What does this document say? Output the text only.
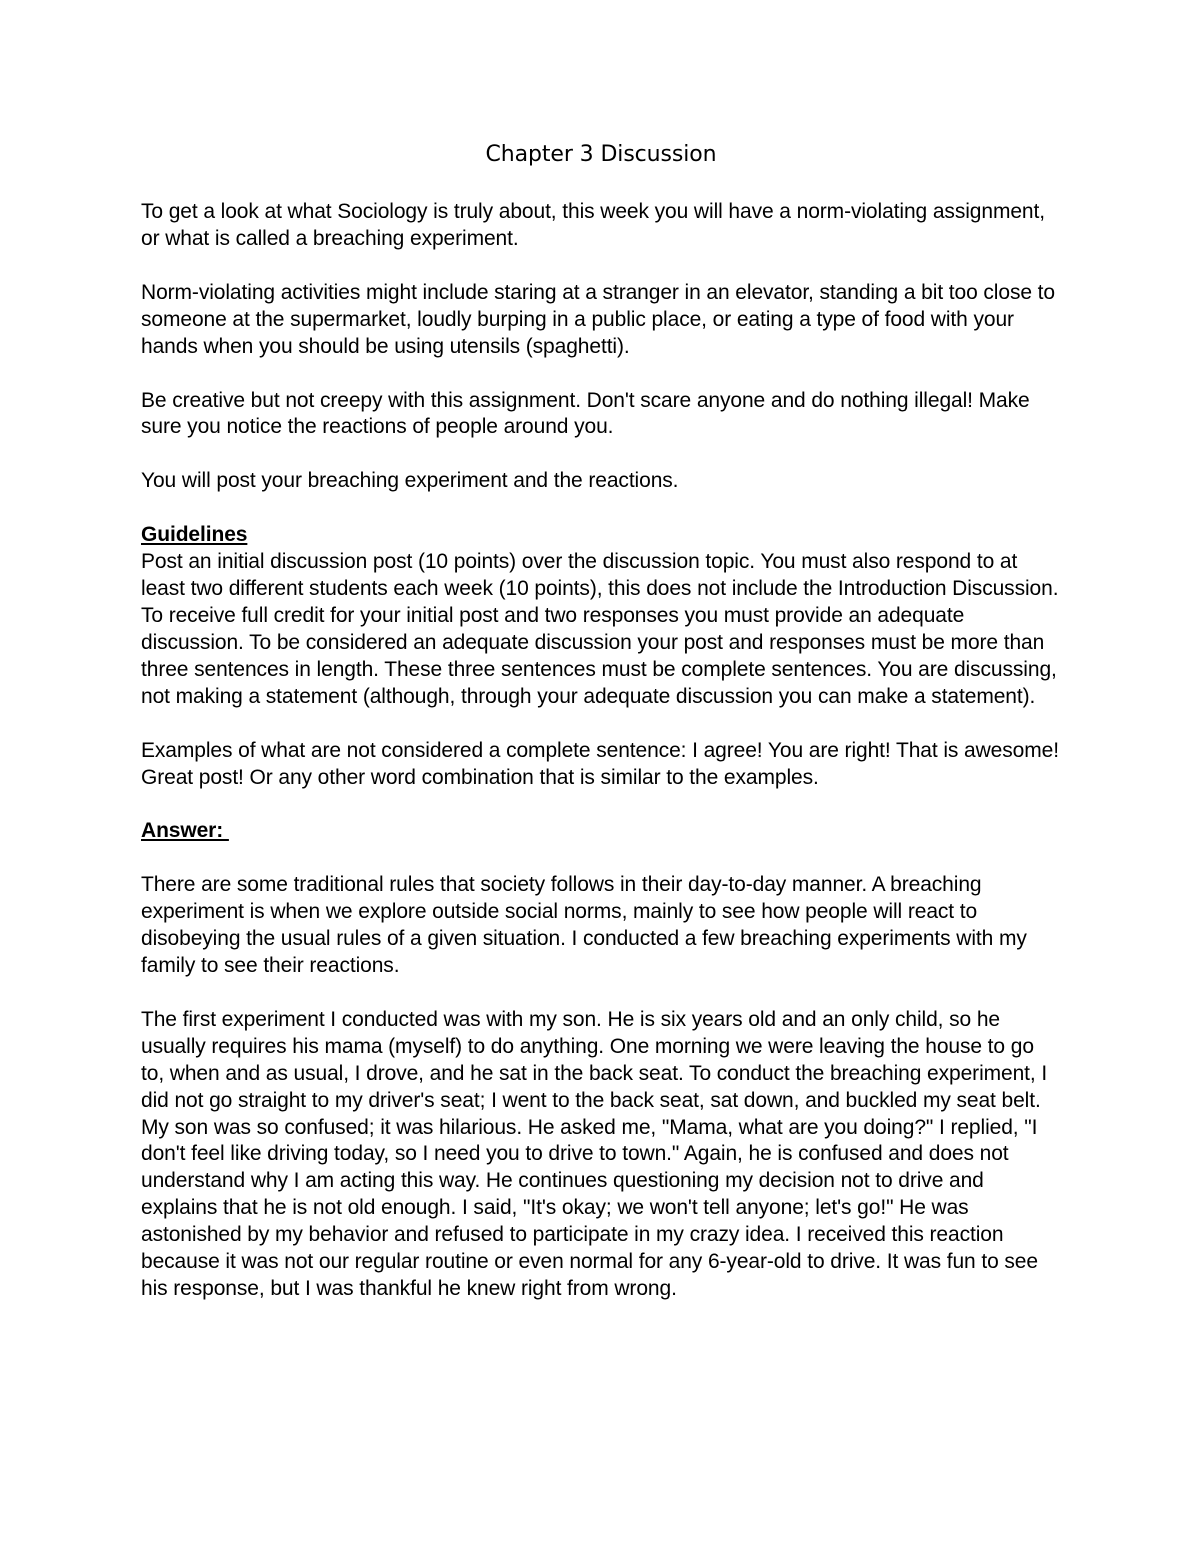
Chapter 3 Discussion

To get a look at what Sociology is truly about, this week you will have a norm-violating assignment, or what is called a breaching experiment.

Norm-violating activities might include staring at a stranger in an elevator, standing a bit too close to someone at the supermarket, loudly burping in a public place, or eating a type of food with your hands when you should be using utensils (spaghetti).

Be creative but not creepy with this assignment. Don't scare anyone and do nothing illegal! Make sure you notice the reactions of people around you.

You will post your breaching experiment and the reactions.

Guidelines

Post an initial discussion post (10 points) over the discussion topic. You must also respond to at least two different students each week (10 points), this does not include the Introduction Discussion. To receive full credit for your initial post and two responses you must provide an adequate discussion. To be considered an adequate discussion your post and responses must be more than three sentences in length. These three sentences must be complete sentences. You are discussing, not making a statement (although, through your adequate discussion you can make a statement).

Examples of what are not considered a complete sentence: I agree! You are right! That is awesome! Great post! Or any other word combination that is similar to the examples.

Answer:

There are some traditional rules that society follows in their day-to-day manner. A breaching experiment is when we explore outside social norms, mainly to see how people will react to disobeying the usual rules of a given situation. I conducted a few breaching experiments with my family to see their reactions.

The first experiment I conducted was with my son. He is six years old and an only child, so he usually requires his mama (myself) to do anything. One morning we were leaving the house to go to, when and as usual, I drove, and he sat in the back seat. To conduct the breaching experiment, I did not go straight to my driver's seat; I went to the back seat, sat down, and buckled my seat belt. My son was so confused; it was hilarious. He asked me, "Mama, what are you doing?" I replied, "I don't feel like driving today, so I need you to drive to town." Again, he is confused and does not understand why I am acting this way. He continues questioning my decision not to drive and explains that he is not old enough. I said, "It's okay; we won't tell anyone; let's go!" He was astonished by my behavior and refused to participate in my crazy idea. I received this reaction because it was not our regular routine or even normal for any 6-year-old to drive. It was fun to see his response, but I was thankful he knew right from wrong.
